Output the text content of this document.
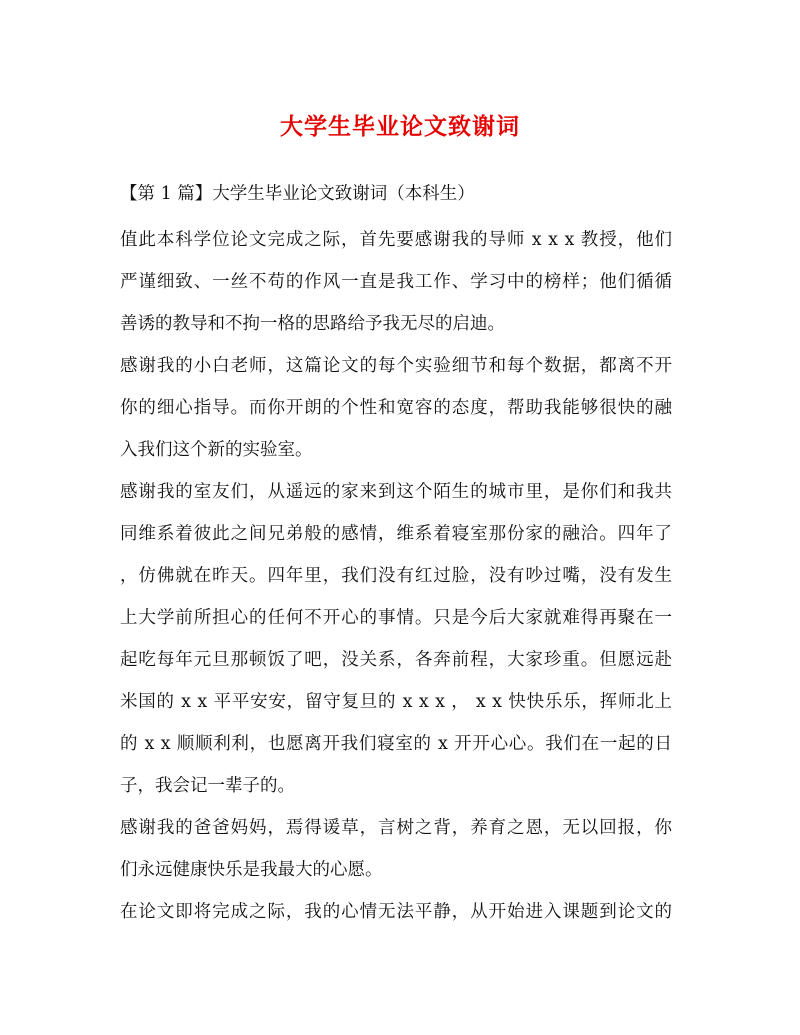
大学生毕业论文致谢词
【第 1 篇】大学生毕业论文致谢词（本科生）
值此本科学位论文完成之际，首先要感谢我的导师 x x x 教授，他们
严谨细致、一丝不苟的作风一直是我工作、学习中的榜样；他们循循
善诱的教导和不拘一格的思路给予我无尽的启迪。
感谢我的小白老师，这篇论文的每个实验细节和每个数据，都离不开
你的细心指导。而你开朗的个性和宽容的态度，帮助我能够很快的融
入我们这个新的实验室。
感谢我的室友们，从遥远的家来到这个陌生的城市里，是你们和我共
同维系着彼此之间兄弟般的感情，维系着寝室那份家的融洽。四年了
，仿佛就在昨天。四年里，我们没有红过脸，没有吵过嘴，没有发生
上大学前所担心的任何不开心的事情。只是今后大家就难得再聚在一
起吃每年元旦那顿饭了吧，没关系，各奔前程，大家珍重。但愿远赴
米国的 x x 平平安安，留守复旦的 x x x ， x x 快快乐乐，挥师北上
的 x x 顺顺利利，也愿离开我们寝室的 x 开开心心。我们在一起的日
子，我会记一辈子的。
感谢我的爸爸妈妈，焉得谖草，言树之背，养育之恩，无以回报，你
们永远健康快乐是我最大的心愿。
在论文即将完成之际，我的心情无法平静，从开始进入课题到论文的
